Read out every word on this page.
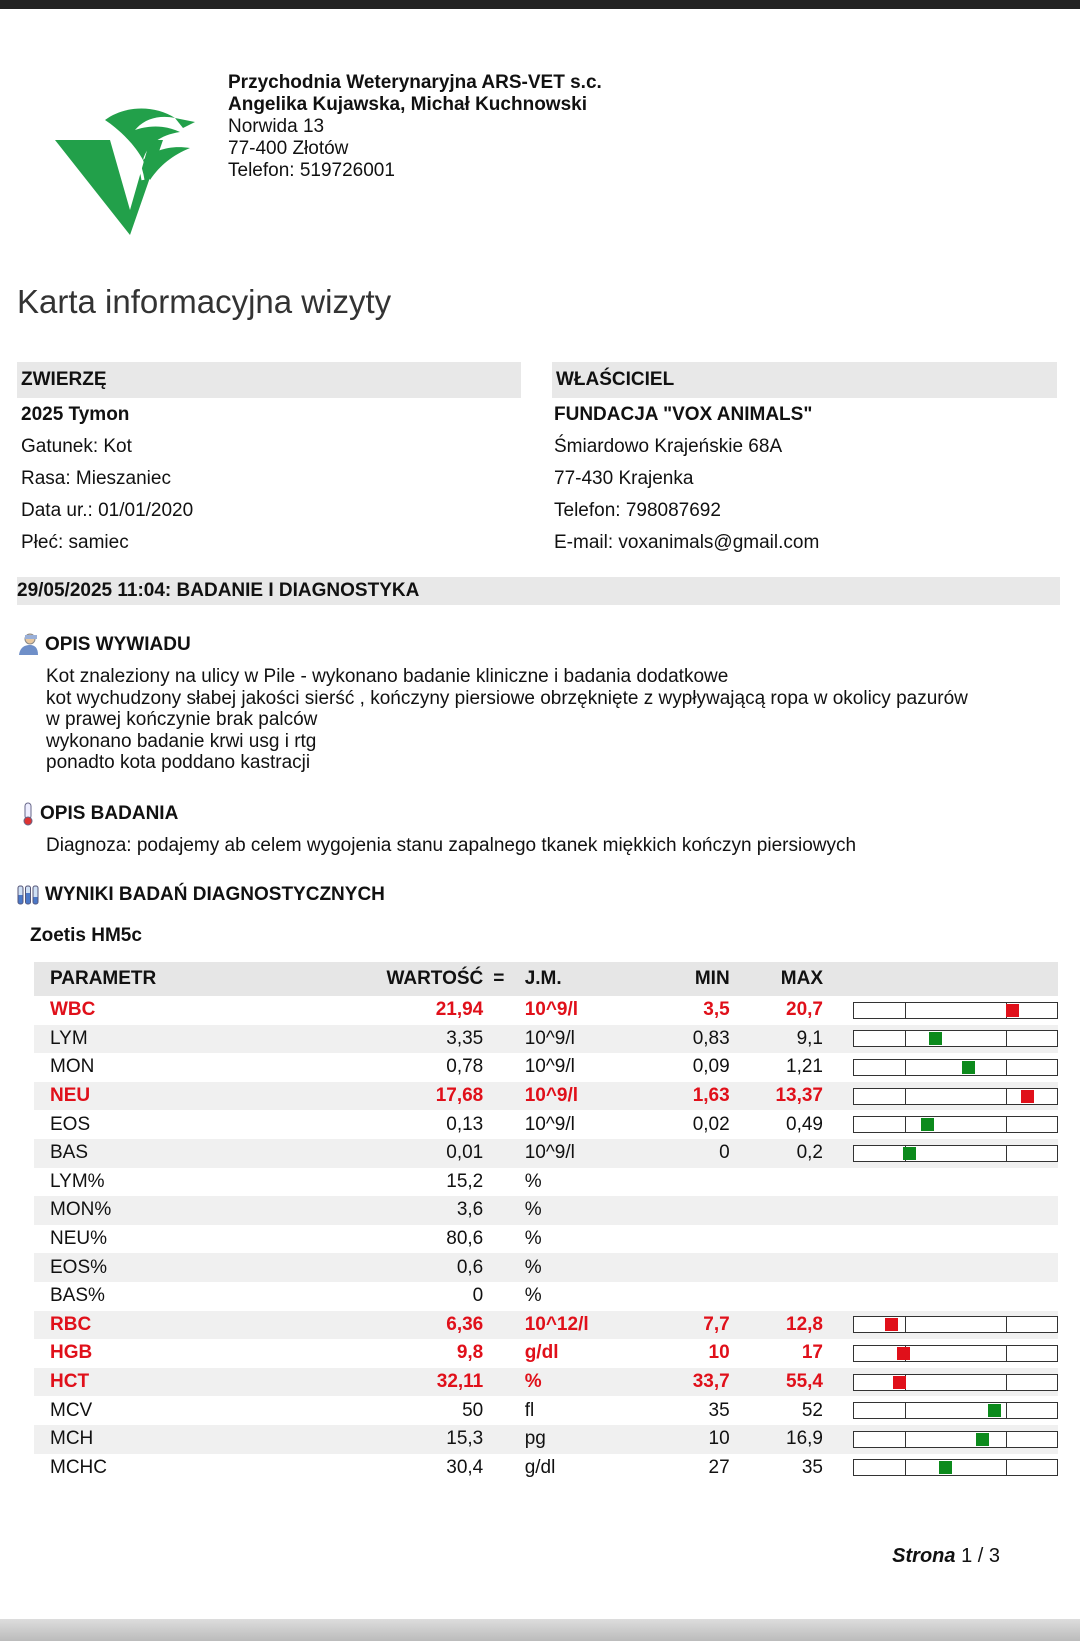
Przychodnia Weterynaryjna ARS-VET s.c.
Angelika Kujawska, Michał Kuchnowski
Norwida 13
77-400 Złotów
Telefon: 519726001
Karta informacyjna wizyty
ZWIERZĘ
2025 Tymon
Gatunek: Kot
Rasa: Mieszaniec
Data ur.: 01/01/2020
Płeć: samiec
WŁAŚCICIEL
FUNDACJA "VOX ANIMALS"
Śmiardowo Krajeńskie 68A
77-430 Krajenka
Telefon: 798087692
E-mail: voxanimals@gmail.com
29/05/2025 11:04: BADANIE I DIAGNOSTYKA
OPIS WYWIADU
Kot znaleziony na ulicy w Pile - wykonano badanie kliniczne i badania dodatkowe
kot wychudzony słabej jakości sierść , kończyny piersiowe obrzęknięte z wypływającą ropa w okolicy pazurów
w prawej kończynie brak palców
wykonano badanie krwi usg i rtg
ponadto kota poddano kastracji
OPIS BADANIA
Diagnoza: podajemy ab celem wygojenia stanu zapalnego tkanek miękkich kończyn piersiowych
WYNIKI BADAŃ DIAGNOSTYCZNYCH
Zoetis HM5c
PARAMETR	WARTOŚĆ	=	J.M.	MIN	MAX	
WBC	21,94		10^9/l	3,5	20,7	

LYM	3,35		10^9/l	0,83	9,1	

MON	0,78		10^9/l	0,09	1,21	

NEU	17,68		10^9/l	1,63	13,37	

EOS	0,13		10^9/l	0,02	0,49	

BAS	0,01		10^9/l	0	0,2	

LYM%	15,2		%			
MON%	3,6		%			
NEU%	80,6		%			
EOS%	0,6		%			
BAS%	0		%			
RBC	6,36		10^12/l	7,7	12,8	

HGB	9,8		g/dl	10	17	

HCT	32,11		%	33,7	55,4	

MCV	50		fl	35	52	

MCH	15,3		pg	10	16,9	

MCHC	30,4		g/dl	27	35	
Strona 1 / 3
